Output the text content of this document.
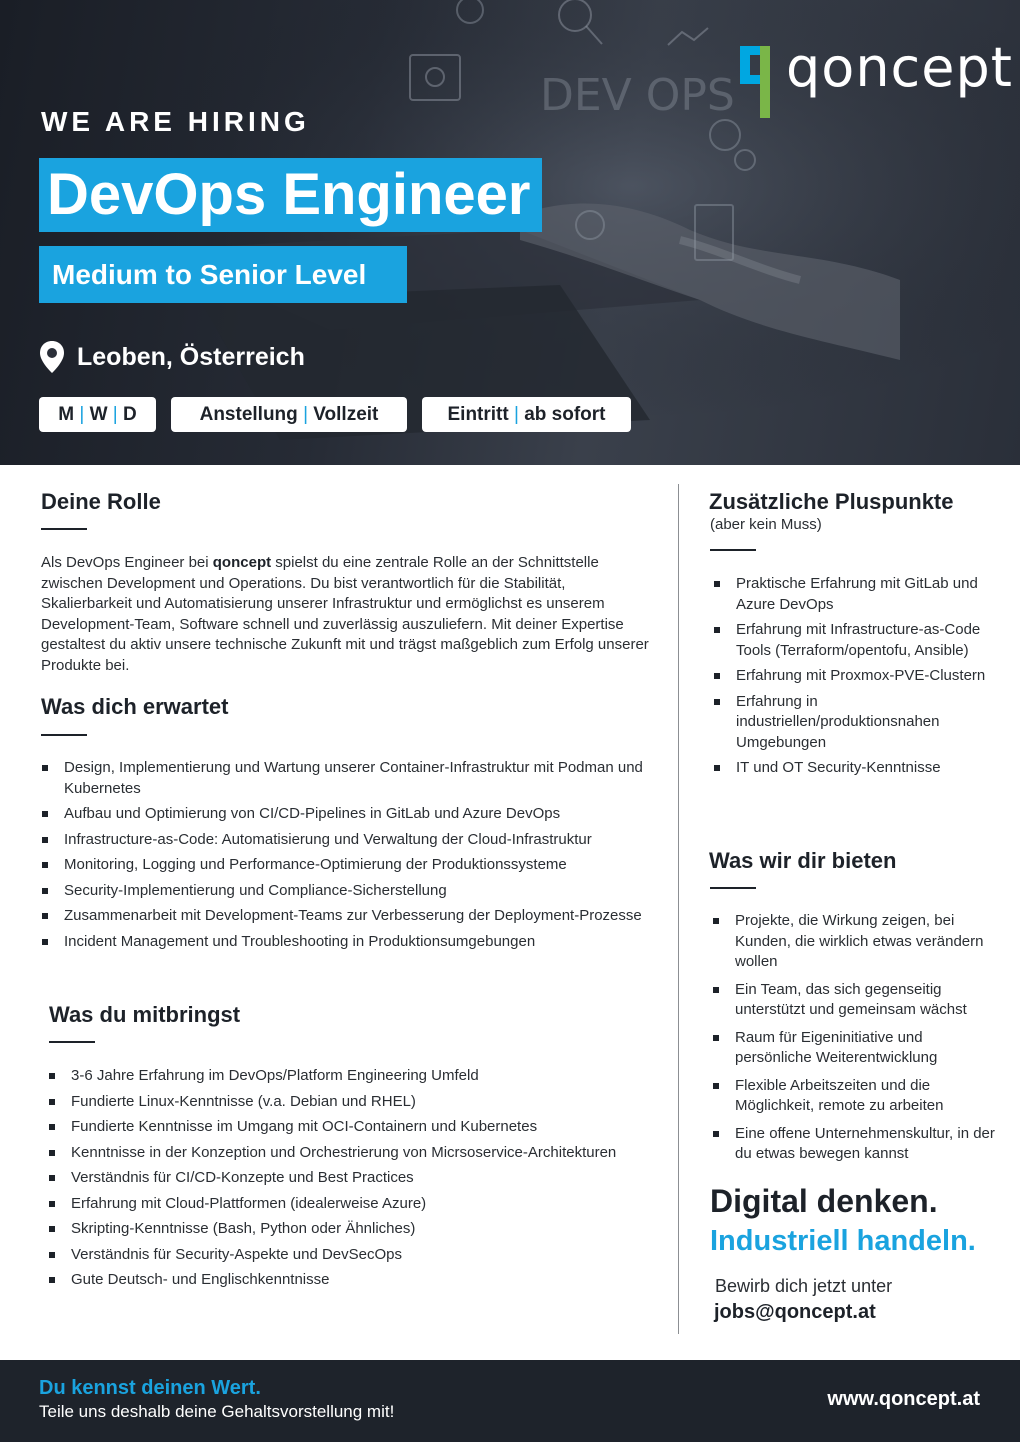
DEV OPS qoncept
WE ARE HIRING
DevOps Engineer
Medium to Senior Level
Leoben, Österreich
M | W | D	Anstellung | Vollzeit	Eintritt | ab sofort
Deine Rolle

Als DevOps Engineer bei qoncept spielst du eine zentrale Rolle an der Schnittstelle zwischen Development und Operations. Du bist verantwortlich für die Stabilität, Skalierbarkeit und Automatisierung unserer Infrastruktur und ermöglichst es unserem Development-Team, Software schnell und zuverlässig auszuliefern. Mit deiner Expertise gestaltest du aktiv unsere technische Zukunft mit und trägst maßgeblich zum Erfolg unserer Produkte bei.

Was dich erwartet
Design, Implementierung und Wartung unserer Container-Infrastruktur mit Podman und Kubernetes
Aufbau und Optimierung von CI/CD-Pipelines in GitLab und Azure DevOps
Infrastructure-as-Code: Automatisierung und Verwaltung der Cloud-Infrastruktur
Monitoring, Logging und Performance-Optimierung der Produktionssysteme
Security-Implementierung und Compliance-Sicherstellung
Zusammenarbeit mit Development-Teams zur Verbesserung der Deployment-Prozesse
Incident Management und Troubleshooting in Produktionsumgebungen
Was du mitbringst
3-6 Jahre Erfahrung im DevOps/Platform Engineering Umfeld
Fundierte Linux-Kenntnisse (v.a. Debian und RHEL)
Fundierte Kenntnisse im Umgang mit OCI-Containern und Kubernetes
Kenntnisse in der Konzeption und Orchestrierung von Micrsoservice-Architekturen
Verständnis für CI/CD-Konzepte und Best Practices
Erfahrung mit Cloud-Plattformen (idealerweise Azure)
Skripting-Kenntnisse (Bash, Python oder Ähnliches)
Verständnis für Security-Aspekte und DevSecOps
Gute Deutsch- und Englischkenntnisse
Zusätzliche Pluspunkte
(aber kein Muss)
Praktische Erfahrung mit GitLab und Azure DevOps
Erfahrung mit Infrastructure-as-Code Tools (Terraform/opentofu, Ansible)
Erfahrung mit Proxmox-PVE-Clustern
Erfahrung in industriellen/produktionsnahen Umgebungen
IT und OT Security-Kenntnisse
Was wir dir bieten
Projekte, die Wirkung zeigen, bei Kunden, die wirklich etwas verändern wollen
Ein Team, das sich gegenseitig unterstützt und gemeinsam wächst
Raum für Eigeninitiative und persönliche Weiterentwicklung
Flexible Arbeitszeiten und die Möglichkeit, remote zu arbeiten
Eine offene Unternehmenskultur, in der du etwas bewegen kannst
Digital denken.
Industriell handeln.
Bewirb dich jetzt unter
jobs@qoncept.at
Du kennst deinen Wert.
Teile uns deshalb deine Gehaltsvorstellung mit!
www.qoncept.at
